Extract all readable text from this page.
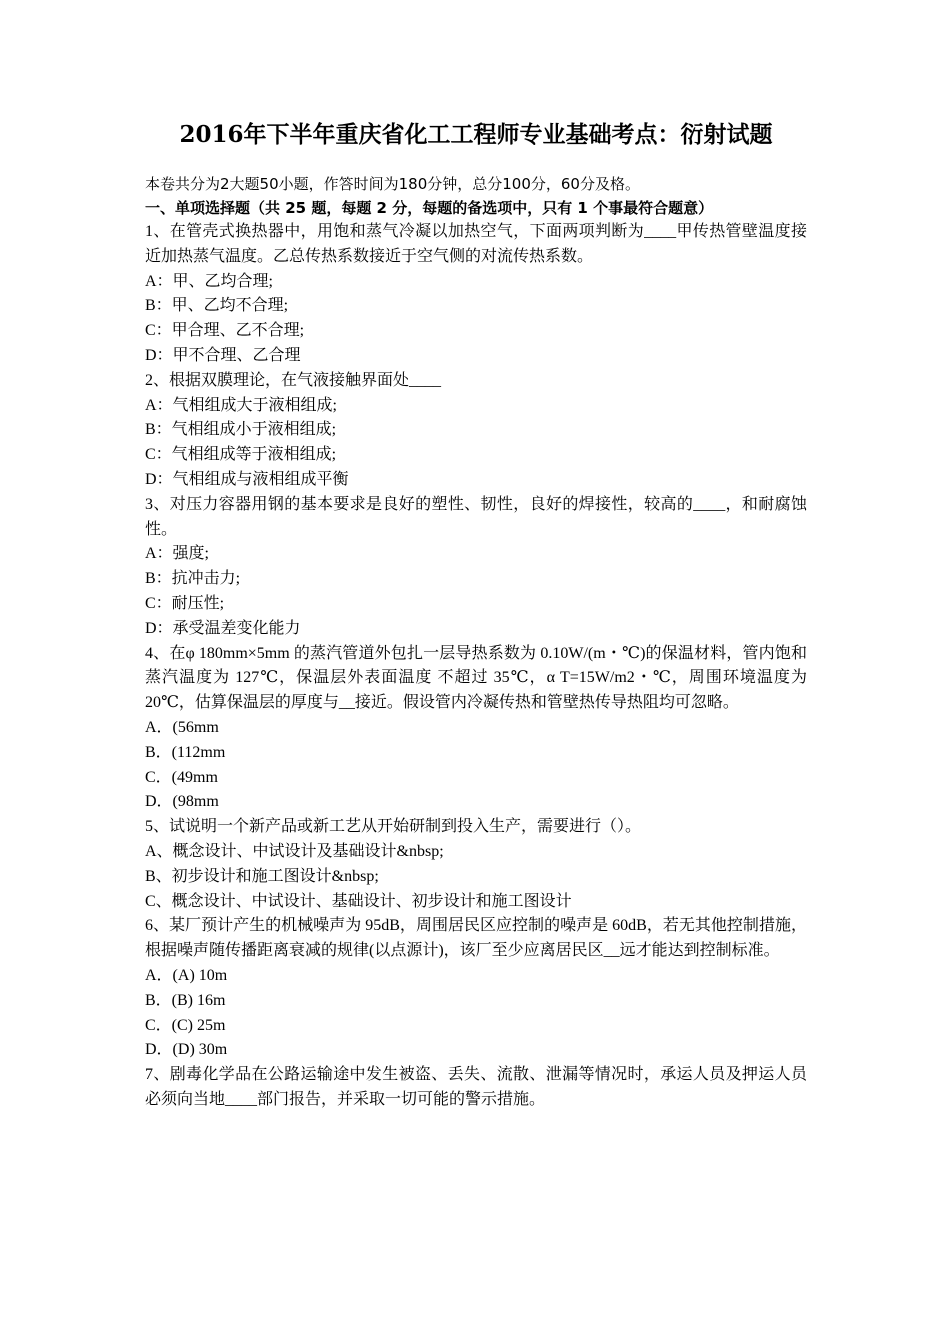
2016年下半年重庆省化工工程师专业基础考点：衍射试题

本卷共分为2大题50小题，作答时间为180分钟，总分100分，60分及格。

一、单项选择题（共 25 题，每题 2 分，每题的备选项中，只有 1 个事最符合题意）

1、在管壳式换热器中，用饱和蒸气冷凝以加热空气，下面两项判断为____甲传热管壁温度接近加热蒸气温度。乙总传热系数接近于空气侧的对流传热系数。

A：甲、乙均合理;

B：甲、乙均不合理;

C：甲合理、乙不合理;

D：甲不合理、乙合理

2、根据双膜理论，在气液接触界面处____

A：气相组成大于液相组成;

B：气相组成小于液相组成;

C：气相组成等于液相组成;

D：气相组成与液相组成平衡

3、对压力容器用钢的基本要求是良好的塑性、韧性，良好的焊接性，较高的____，和耐腐蚀性。

A：强度;

B：抗冲击力;

C：耐压性;

D：承受温差变化能力

4、在φ 180mm×5mm 的蒸汽管道外包扎一层导热系数为 0.10W/(m・℃)的保温材料，管内饱和蒸汽温度为 127℃，保温层外表面温度 不超过 35℃，α T=15W/m2・℃，周围环境温度为20℃，估算保温层的厚度与__接近。假设管内冷凝传热和管壁热传导热阻均可忽略。

A．(56mm

B．(112mm

C．(49mm

D．(98mm

5、试说明一个新产品或新工艺从开始研制到投入生产，需要进行（）。

A、概念设计、中试设计及基础设计&nbsp;

B、初步设计和施工图设计&nbsp;

C、概念设计、中试设计、基础设计、初步设计和施工图设计

6、某厂预计产生的机械噪声为 95dB，周围居民区应控制的噪声是 60dB，若无其他控制措施，根据噪声随传播距离衰减的规律(以点源计)，该厂至少应离居民区__远才能达到控制标准。

A．(A) 10m

B．(B) 16m

C．(C) 25m

D．(D) 30m

7、剧毒化学品在公路运输途中发生被盗、丢失、流散、泄漏等情况时，承运人员及押运人员必须向当地____部门报告，并采取一切可能的警示措施。
